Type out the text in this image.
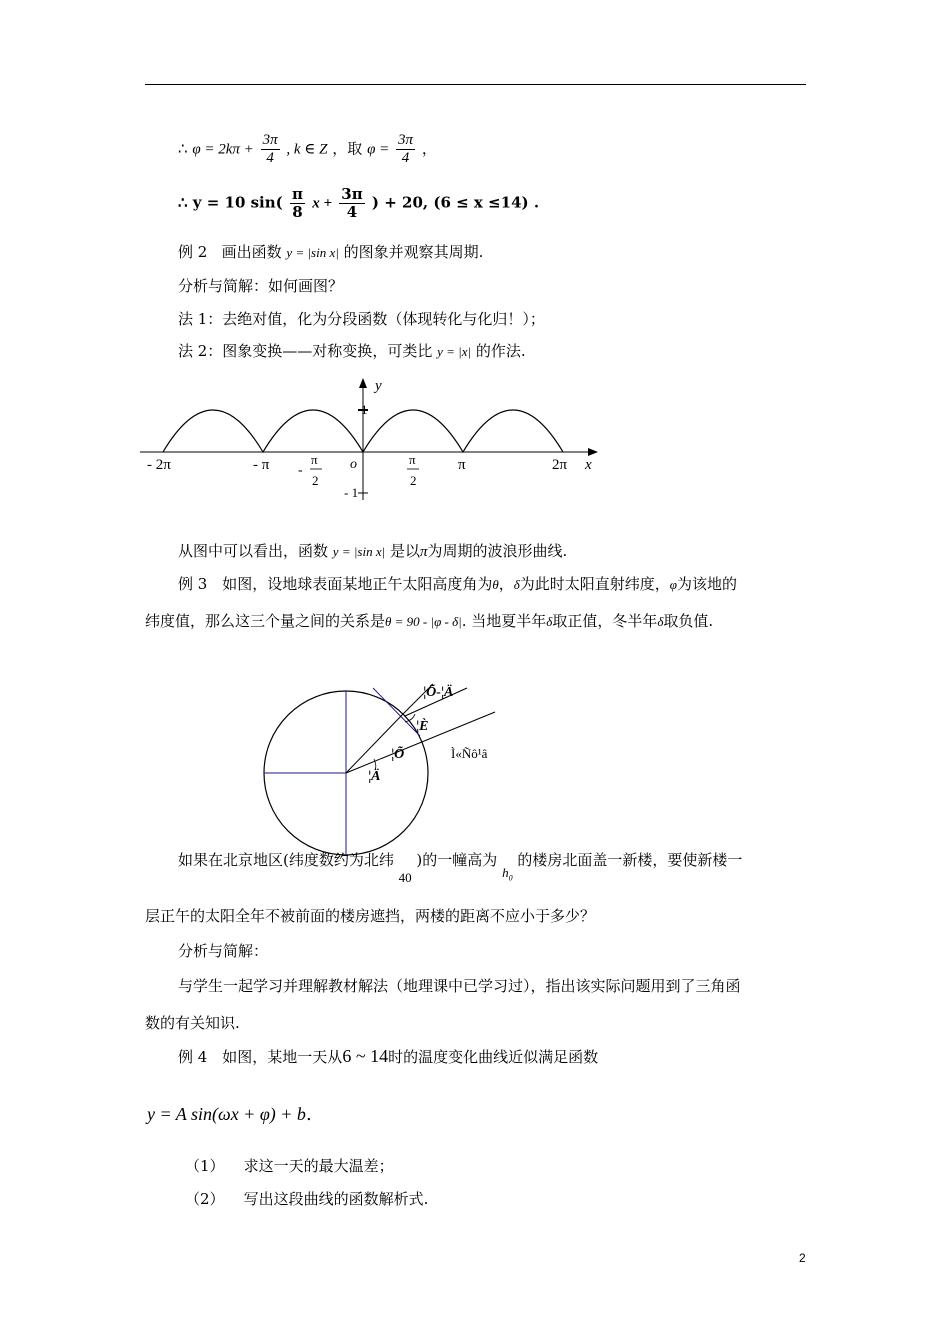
∴ $\varphi = 2k\pi + \frac{3\pi}{4}$ , k ∈ Z ，取 $\varphi = \frac{3\pi}{4}$ ，
∴ y = 10 $\sin( \frac{\pi}{8}$ $x + \frac{3\pi}{4}$ ) + 20, (6 ≤ x ≤14) .
例 2 画出函数 y = |sin x| 的图象并观察其周期.
分析与简解：如何画图？
法 1：去绝对值，化为分段函数（体现转化与化归！）；
法 2：图象变换——对称变换，可类比 y = |x| 的作法.
y
1
o
- 2π	- π -
π
2
π
2
π	2π x
- 1
从图中可以看出，函数 y = |sin x| 是以π为周期的波浪形曲线.
例 3　如图，设地球表面某地正午太阳高度角为θ，δ为此时太阳直射纬度，φ为该地的
纬度值，那么这三个量之间的关系是θ = 90 - |φ - δ|. 当地夏半年δ取正值，冬半年δ取负值.
¦Õ-¦Ä
¦È
¦Õ
¦Ä
Ì«Ñô¹â
如果在北京地区(纬度数约为北纬 40 )的一幢高为 $h_0$ 的楼房北面盖一新楼，要使新楼一
层正午的太阳全年不被前面的楼房遮挡，两楼的距离不应小于多少？
分析与简解：
与学生一起学习并理解教材解法（地理课中已学习过），指出该实际问题用到了三角函
数的有关知识.
例 4　如图，某地一天从6 ~ 14时的温度变化曲线近似满足函数
y = A sin(ωx + φ) + b.
（1） 求这一天的最大温差；
（2） 写出这段曲线的函数解析式.
2
